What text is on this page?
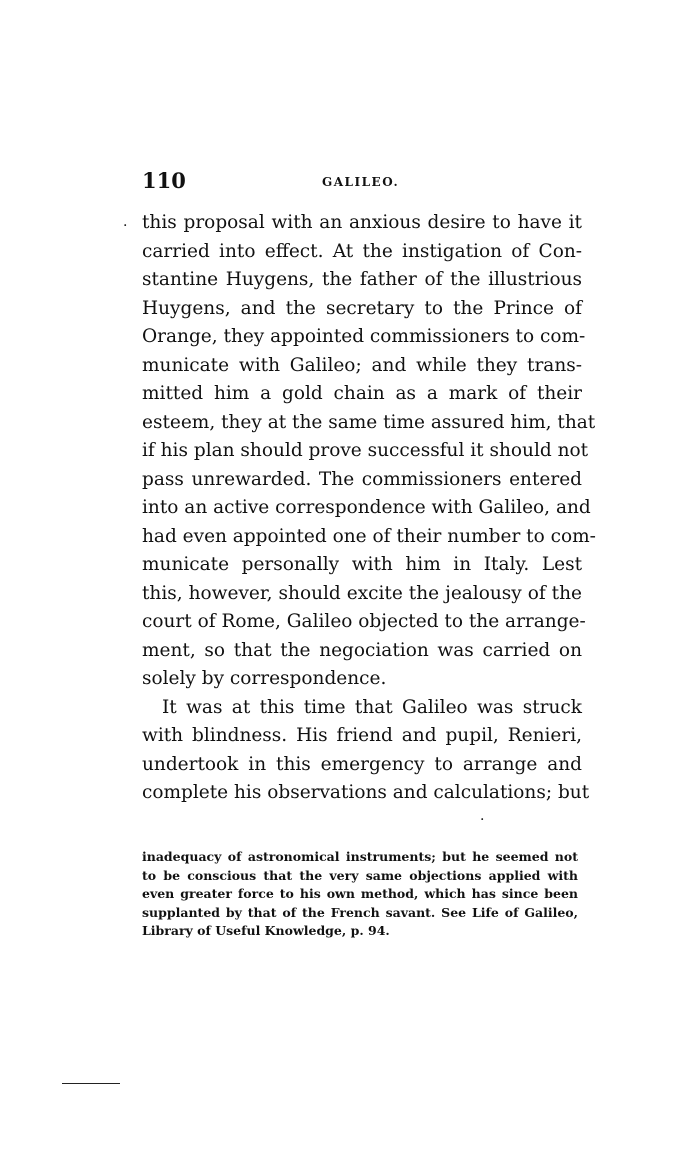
110	GALILEO.
· this proposal with an anxious desire to have it
carried into effect. At the instigation of Con-
stantine Huygens, the father of the illustrious
Huygens, and the secretary to the Prince of
Orange, they appointed commissioners to com-
municate with Galileo; and while they trans-
mitted him a gold chain as a mark of their
esteem, they at the same time assured him, that
if his plan should prove successful it should not
pass unrewarded. The commissioners entered
into an active correspondence with Galileo, and
had even appointed one of their number to com-
municate personally with him in Italy. Lest
this, however, should excite the jealousy of the
court of Rome, Galileo objected to the arrange-
ment, so that the negociation was carried on
solely by correspondence.
It was at this time that Galileo was struck
with blindness. His friend and pupil, Renieri,
undertook in this emergency to arrange and
complete his observations and calculations; but
·
inadequacy of astronomical instruments; but he seemed not
to be conscious that the very same objections applied with
even greater force to his own method, which has since been
supplanted by that of the French savant. See Life of Galileo,
Library of Useful Knowledge, p. 94.
